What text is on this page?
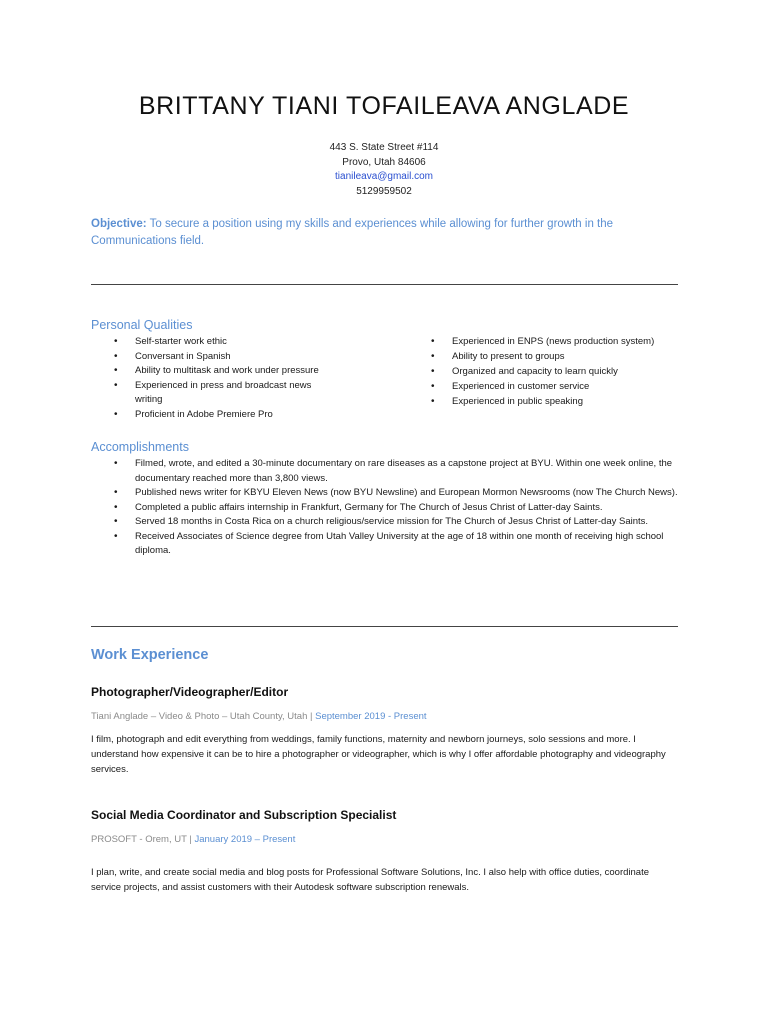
BRITTANY TIANI TOFAILEAVA ANGLADE
443 S. State Street #114
Provo, Utah 84606
tianileava@gmail.com
5129959502
Objective: To secure a position using my skills and experiences while allowing for further growth in the Communications field.
Personal Qualities
• Self-starter work ethic
• Conversant in Spanish
• Ability to multitask and work under pressure
• Experienced in press and broadcast news writing
• Proficient in Adobe Premiere Pro
• Experienced in ENPS (news production system)
• Ability to present to groups
• Organized and capacity to learn quickly
• Experienced in customer service
• Experienced in public speaking
Accomplishments
• Filmed, wrote, and edited a 30-minute documentary on rare diseases as a capstone project at BYU. Within one week online, the documentary reached more than 3,800 views.
• Published news writer for KBYU Eleven News (now BYU Newsline) and European Mormon Newsrooms (now The Church News).
• Completed a public affairs internship in Frankfurt, Germany for The Church of Jesus Christ of Latter-day Saints.
• Served 18 months in Costa Rica on a church religious/service mission for The Church of Jesus Christ of Latter-day Saints.
• Received Associates of Science degree from Utah Valley University at the age of 18 within one month of receiving high school diploma.
Work Experience
Photographer/Videographer/Editor
Tiani Anglade – Video & Photo – Utah County, Utah | September 2019 - Present
I film, photograph and edit everything from weddings, family functions, maternity and newborn journeys, solo sessions and more. I understand how expensive it can be to hire a photographer or videographer, which is why I offer affordable photography and videography services.
Social Media Coordinator and Subscription Specialist
PROSOFT - Orem, UT | January 2019 – Present
I plan, write, and create social media and blog posts for Professional Software Solutions, Inc. I also help with office duties, coordinate service projects, and assist customers with their Autodesk software subscription renewals.
